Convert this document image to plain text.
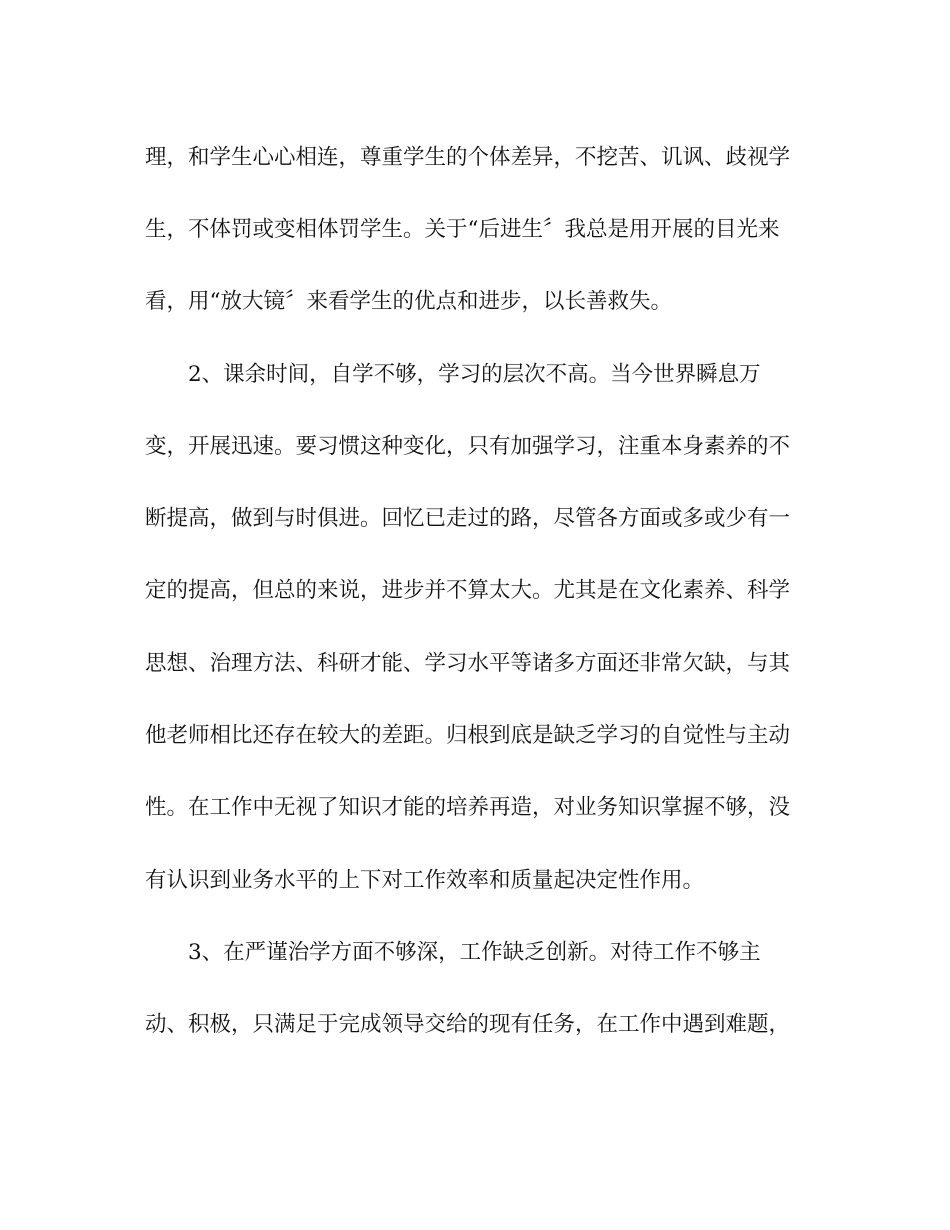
理，和学生心心相连，尊重学生的个体差异，不挖苦、讥讽、歧视学
生，不体罚或变相体罚学生。关于“后进生〞我总是用开展的目光来
看，用“放大镜〞来看学生的优点和进步，以长善救失。
2、课余时间，自学不够，学习的层次不高。当今世界瞬息万
变，开展迅速。要习惯这种变化，只有加强学习，注重本身素养的不
断提高，做到与时俱进。回忆已走过的路，尽管各方面或多或少有一
定的提高，但总的来说，进步并不算太大。尤其是在文化素养、科学
思想、治理方法、科研才能、学习水平等诸多方面还非常欠缺，与其
他老师相比还存在较大的差距。归根到底是缺乏学习的自觉性与主动
性。在工作中无视了知识才能的培养再造，对业务知识掌握不够，没
有认识到业务水平的上下对工作效率和质量起决定性作用。
3、在严谨治学方面不够深，工作缺乏创新。对待工作不够主
动、积极，只满足于完成领导交给的现有任务，在工作中遇到难题，
